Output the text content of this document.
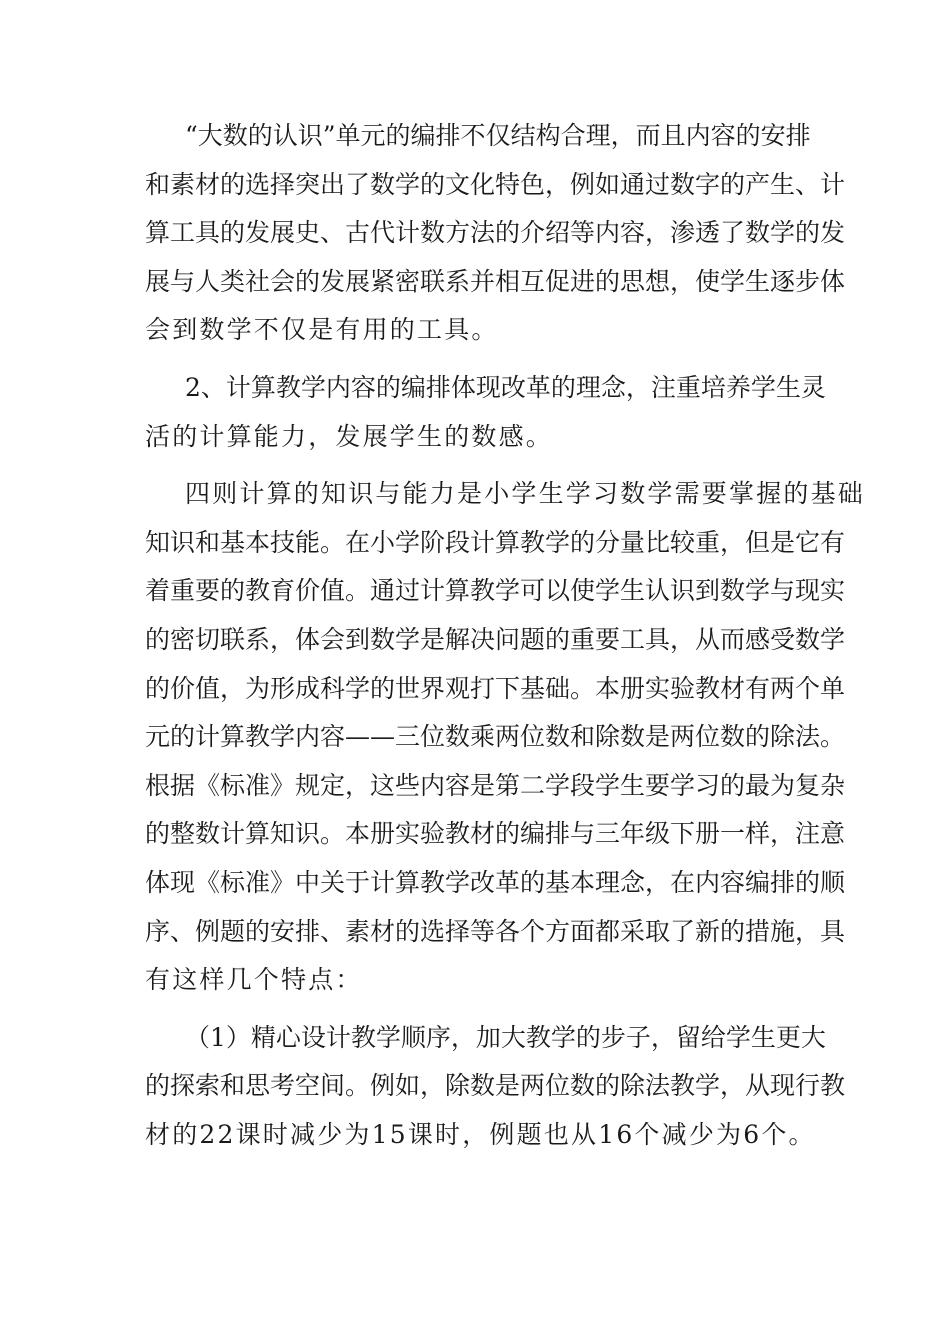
“大数的认识”单元的编排不仅结构合理，而且内容的安排
和素材的选择突出了数学的文化特色，例如通过数字的产生、计
算工具的发展史、古代计数方法的介绍等内容，渗透了数学的发
展与人类社会的发展紧密联系并相互促进的思想，使学生逐步体
会到数学不仅是有用的工具。
2、计算教学内容的编排体现改革的理念，注重培养学生灵
活的计算能力，发展学生的数感。
四则计算的知识与能力是小学生学习数学需要掌握的基础
知识和基本技能。在小学阶段计算教学的分量比较重，但是它有
着重要的教育价值。通过计算教学可以使学生认识到数学与现实
的密切联系，体会到数学是解决问题的重要工具，从而感受数学
的价值，为形成科学的世界观打下基础。本册实验教材有两个单
元的计算教学内容——三位数乘两位数和除数是两位数的除法。
根据《标准》规定，这些内容是第二学段学生要学习的最为复杂
的整数计算知识。本册实验教材的编排与三年级下册一样，注意
体现《标准》中关于计算教学改革的基本理念，在内容编排的顺
序、例题的安排、素材的选择等各个方面都采取了新的措施，具
有这样几个特点：
（1）精心设计教学顺序，加大教学的步子，留给学生更大
的探索和思考空间。例如，除数是两位数的除法教学，从现行教
材的22课时减少为15课时，例题也从16个减少为6个。
